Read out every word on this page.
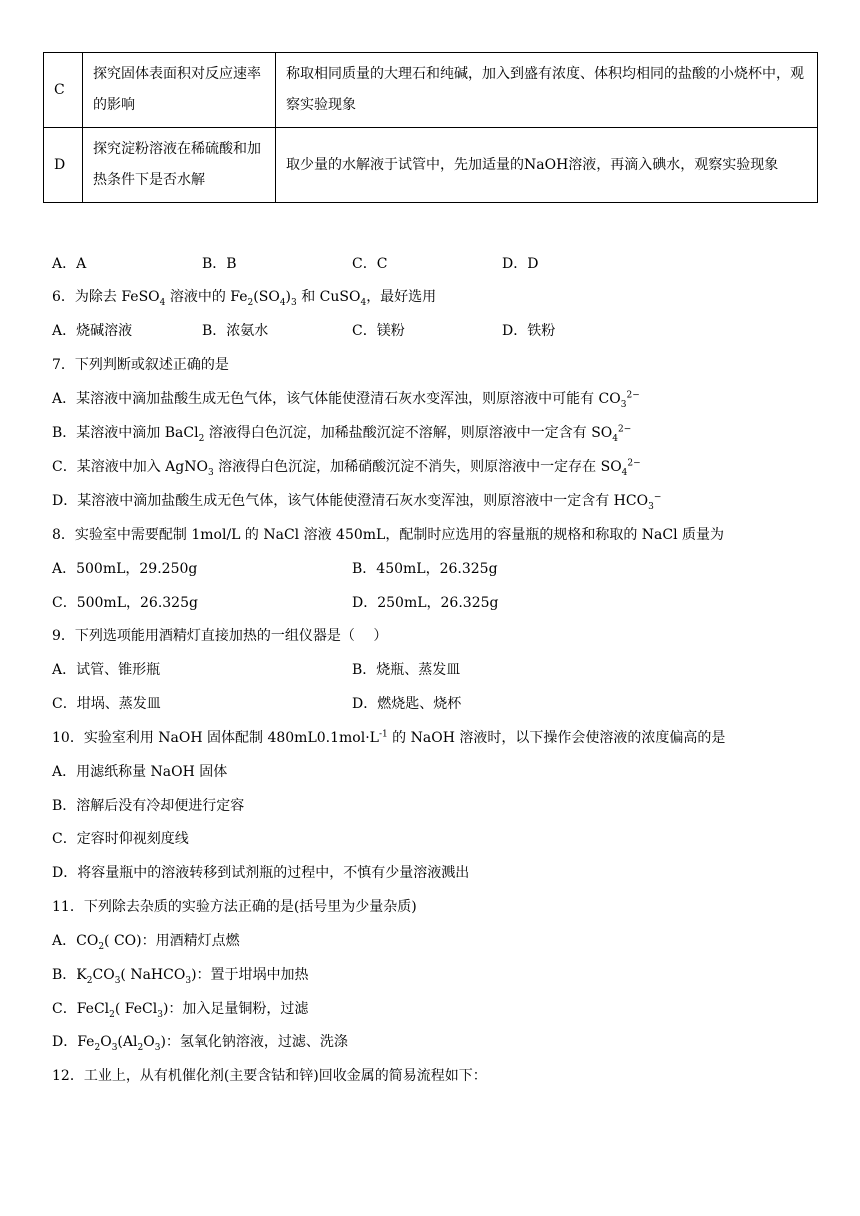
C	探究固体表面积对反应速率的影响	称取相同质量的大理石和纯碱，加入到盛有浓度、体积均相同的盐酸的小烧杯中，观察实验现象
D	探究淀粉溶液在稀硫酸和加热条件下是否水解	取少量的水解液于试管中，先加适量的NaOH溶液，再滴入碘水，观察实验现象
A．A	B．B	C．C	D．D
6．为除去 FeSO$_4$ 溶液中的 $Fe_2(SO_4)_3$ 和 CuSO$_4$，最好选用
A．烧碱溶液	B．浓氨水	C．镁粉	D．铁粉
7．下列判断或叙述正确的是
A．某溶液中滴加盐酸生成无色气体，该气体能使澄清石灰水变浑浊，则原溶液中可能有 $CO_3^{2-}$
B．某溶液中滴加 BaCl$_2$ 溶液得白色沉淀，加稀盐酸沉淀不溶解，则原溶液中一定含有 $SO_4^{2-}$
C．某溶液中加入 AgNO$_3$ 溶液得白色沉淀，加稀硝酸沉淀不消失，则原溶液中一定存在 $SO_4^{2-}$
D．某溶液中滴加盐酸生成无色气体，该气体能使澄清石灰水变浑浊，则原溶液中一定含有 $HCO_3^-$
8．实验室中需要配制 1mol/L 的 NaCl 溶液 450mL，配制时应选用的容量瓶的规格和称取的 NaCl 质量为
A．500mL，29.250g	B．450mL，26.325g
C．500mL，26.325g	D．250mL，26.325g
9．下列选项能用酒精灯直接加热的一组仪器是（　 ）
A．试管、锥形瓶	B．烧瓶、蒸发皿
C．坩埚、蒸发皿	D．燃烧匙、烧杯
10．实验室利用 NaOH 固体配制 $480mL0.1mol\cdot L^{-1}$ 的 NaOH 溶液时，以下操作会使溶液的浓度偏高的是
A．用滤纸称量 NaOH 固体
B．溶解后没有冷却便进行定容
C．定容时仰视刻度线
D．将容量瓶中的溶液转移到试剂瓶的过程中，不慎有少量溶液溅出
11．下列除去杂质的实验方法正确的是(括号里为少量杂质)
A．$CO_2$( CO)：用酒精灯点燃
B．$K_2CO_3$( NaHCO$_3$)：置于坩埚中加热
C．FeCl$_2$( FeCl$_3$)：加入足量铜粉，过滤
D．$Fe_2O_3(Al_2O_3)$：氢氧化钠溶液，过滤、洗涤
12．工业上，从有机催化剂(主要含钴和锌)回收金属的简易流程如下：
